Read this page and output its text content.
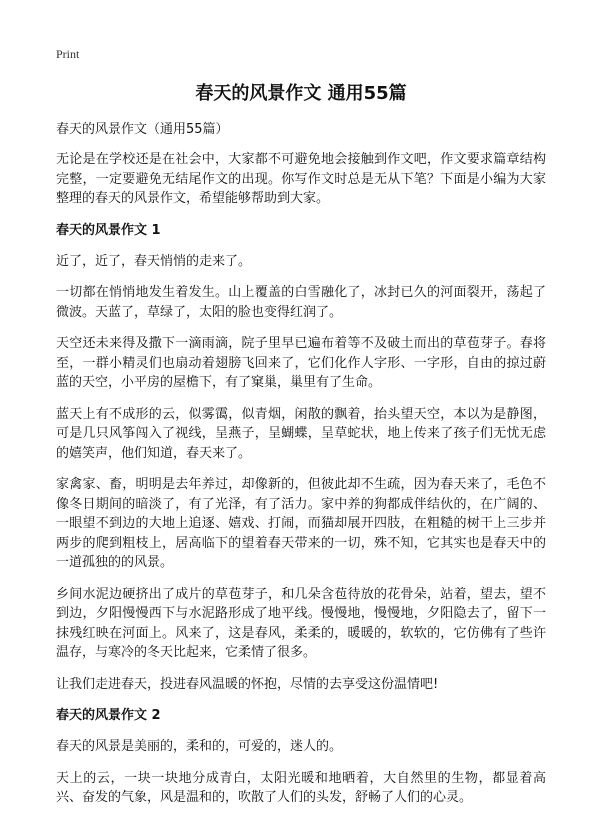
Print
春天的风景作文 通用55篇
春天的风景作文（通用55篇）

无论是在学校还是在社会中，大家都不可避免地会接触到作文吧，作文要求篇章结构完整，一定要避免无结尾作文的出现。你写作文时总是无从下笔？下面是小编为大家整理的春天的风景作文，希望能够帮助到大家。

春天的风景作文 1

近了，近了，春天悄悄的走来了。

一切都在悄悄地发生着发生。山上覆盖的白雪融化了，冰封已久的河面裂开，荡起了微波。天蓝了，草绿了，太阳的脸也变得红润了。

天空还未来得及撒下一滴雨滴，院子里早已遍布着等不及破土而出的草苞芽子。春将至，一群小精灵们也扇动着翅膀飞回来了，它们化作人字形、一字形，自由的掠过蔚蓝的天空，小平房的屋檐下，有了窠巢，巢里有了生命。

蓝天上有不成形的云，似雾霭，似青烟，闲散的飘着，抬头望天空，本以为是静图，可是几只风筝闯入了视线，呈燕子，呈蝴蝶，呈草蛇状，地上传来了孩子们无忧无虑的嬉笑声，他们知道，春天来了。

家禽家、畜，明明是去年养过，却像新的，但彼此却不生疏，因为春天来了，毛色不像冬日期间的暗淡了，有了光泽，有了活力。家中养的狗都成伴结伙的，在广阔的、一眼望不到边的大地上追逐、嬉戏、打闹，而猫却展开四肢，在粗糙的树干上三步并两步的爬到粗枝上，居高临下的望着春天带来的一切，殊不知，它其实也是春天中的一道孤独的的风景。

乡间水泥边硬挤出了成片的草苞芽子，和几朵含苞待放的花骨朵，站着，望去，望不到边，夕阳慢慢西下与水泥路形成了地平线。慢慢地，慢慢地，夕阳隐去了，留下一抹残红映在河面上。风来了，这是春风，柔柔的，暖暖的，软软的，它仿佛有了些许温存，与寒冷的冬天比起来，它柔情了很多。

让我们走进春天，投进春风温暖的怀抱，尽情的去享受这份温情吧!

春天的风景作文 2

春天的风景是美丽的，柔和的，可爱的，迷人的。

天上的云，一块一块地分成青白，太阳光暖和地晒着，大自然里的生物，都显着高兴、奋发的气象，风是温和的，吹散了人们的头发，舒畅了人们的心灵。
